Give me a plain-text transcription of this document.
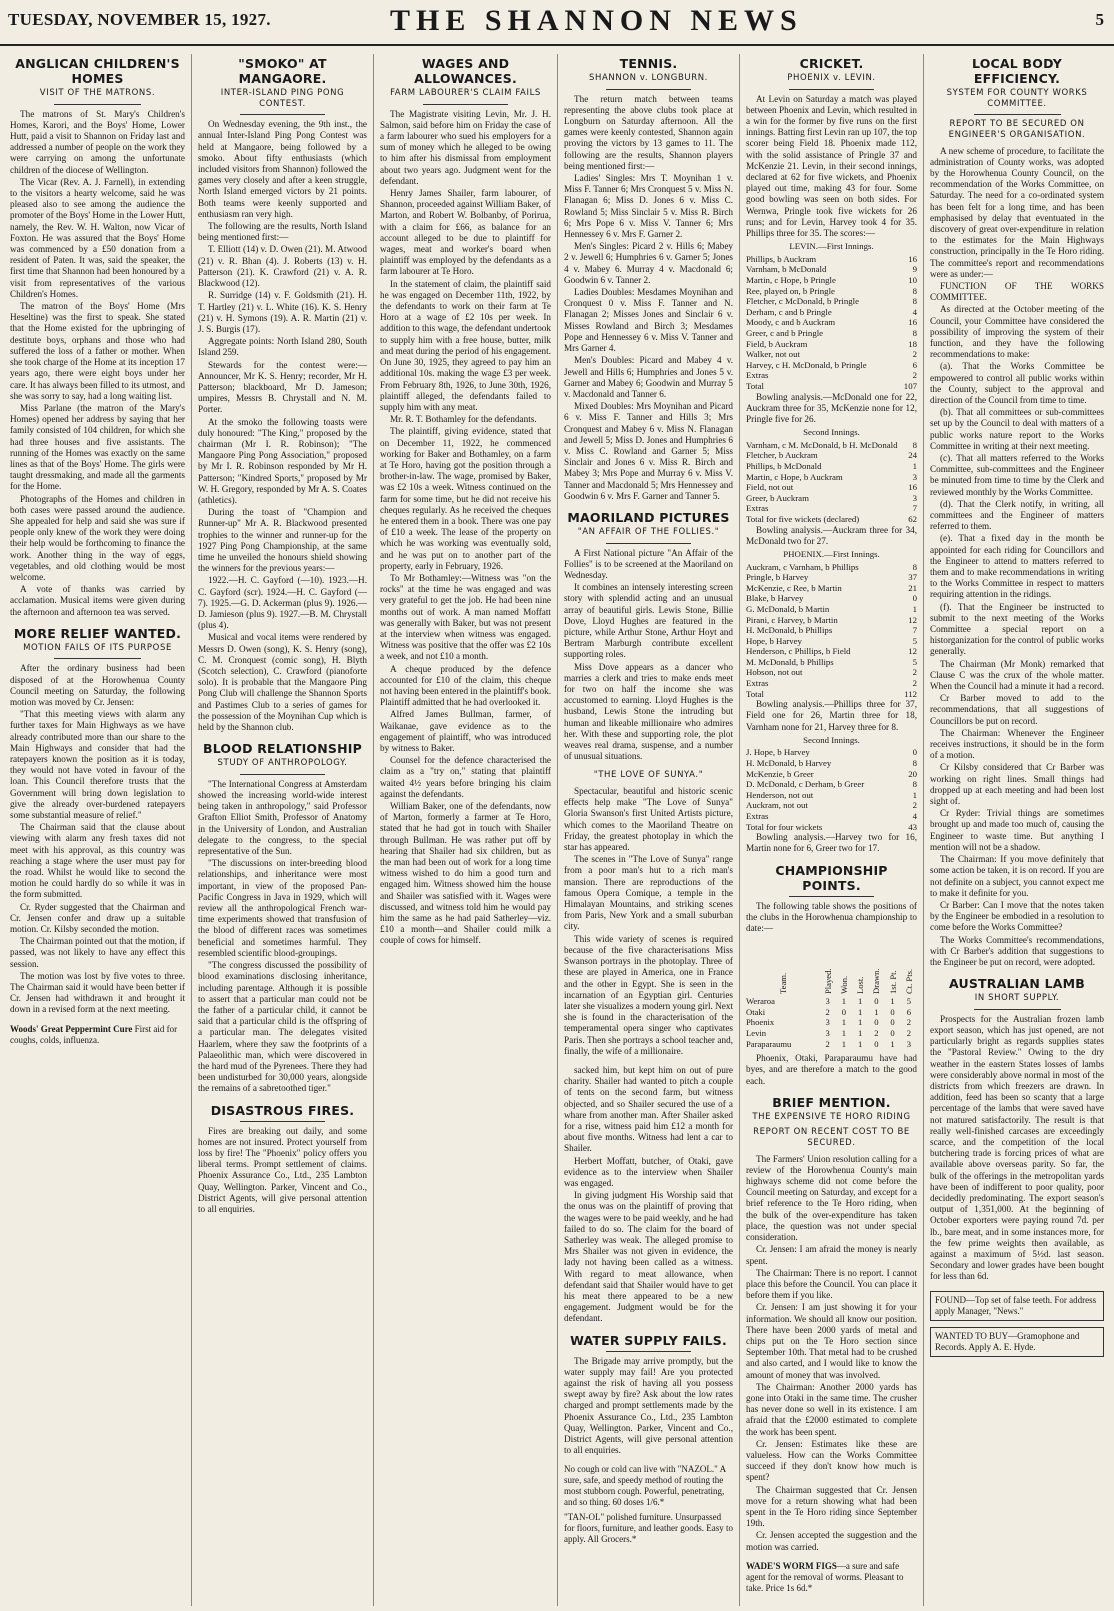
TUESDAY, NOVEMBER 15, 1927.	THE SHANNON NEWS	5
ANGLICAN CHILDREN'S HOMES
VISIT OF THE MATRONS.

The matrons of St. Mary's Children's Homes, Karori, and the Boys' Home, Lower Hutt, paid a visit to Shannon on Friday last and addressed a number of people on the work they were carrying on among the unfortunate children of the diocese of Wellington.

The Vicar (Rev. A. J. Farnell), in extending to the visitors a hearty welcome, said he was pleased also to see among the audience the promoter of the Boys' Home in the Lower Hutt, namely, the Rev. W. H. Walton, now Vicar of Foxton. He was assured that the Boys' Home was commenced by a £50 donation from a resident of Paten. It was, said the speaker, the first time that Shannon had been honoured by a visit from representatives of the various Children's Homes.

The matron of the Boys' Home (Mrs Heseltine) was the first to speak. She stated that the Home existed for the upbringing of destitute boys, orphans and those who had suffered the loss of a father or mother. When she took charge of the Home at its inception 17 years ago, there were eight boys under her care. It has always been filled to its utmost, and she was sorry to say, had a long waiting list.

Miss Parlane (the matron of the Mary's Homes) opened her address by saying that her family consisted of 104 children, for which she had three houses and five assistants. The running of the Homes was exactly on the same lines as that of the Boys' Home. The girls were taught dressmaking, and made all the garments for the Home.

Photographs of the Homes and children in both cases were passed around the audience. She appealed for help and said she was sure if people only knew of the work they were doing their help would be forthcoming to finance the work. Another thing in the way of eggs, vegetables, and old clothing would be most welcome.

A vote of thanks was carried by acclamation. Musical items were given during the afternoon and afternoon tea was served.

MORE RELIEF WANTED.
MOTION FAILS OF ITS PURPOSE

After the ordinary business had been disposed of at the Horowhenua County Council meeting on Saturday, the following motion was moved by Cr. Jensen:

"That this meeting views with alarm any further taxes for Main Highways as we have already contributed more than our share to the Main Highways and consider that had the ratepayers known the position as it is today, they would not have voted in favour of the loan. This Council therefore trusts that the Government will bring down legislation to give the already over-burdened ratepayers some substantial measure of relief."

The Chairman said that the clause about viewing with alarm any fresh taxes did not meet with his approval, as this country was reaching a stage where the user must pay for the road. Whilst he would like to second the motion he could hardly do so while it was in the form submitted.

Cr. Ryder suggested that the Chairman and Cr. Jensen confer and draw up a suitable motion. Cr. Kilsby seconded the motion.

The Chairman pointed out that the motion, if passed, was not likely to have any effect this session.

The motion was lost by five votes to three. The Chairman said it would have been better if Cr. Jensen had withdrawn it and brought it down in a revised form at the next meeting.

Woods' Great Peppermint Cure First aid for coughs, colds, influenza.
"SMOKO" AT MANGAORE.
INTER-ISLAND PING PONG CONTEST.

On Wednesday evening, the 9th inst., the annual Inter-Island Ping Pong Contest was held at Mangaore, being followed by a smoko. About fifty enthusiasts (which included visitors from Shannon) followed the games very closely and after a keen struggle, North Island emerged victors by 21 points. Both teams were keenly supported and enthusiasm ran very high.

The following are the results, North Island being mentioned first:—

T. Elliott (14) v. D. Owen (21). M. Atwood (21) v. R. Bhan (4). J. Roberts (13) v. H. Patterson (21). K. Crawford (21) v. A. R. Blackwood (12).

R. Surridge (14) v. F. Goldsmith (21). H. T. Hartley (21) v. L. White (16). K. S. Henry (21) v. H. Symons (19). A. R. Martin (21) v. J. S. Burgis (17).

Aggregate points: North Island 280, South Island 259.

Stewards for the contest were:—Announcer, Mr K. S. Henry; recorder, Mr H. Patterson; blackboard, Mr D. Jameson; umpires, Messrs B. Chrystall and N. M. Porter.

At the smoko the following toasts were duly honoured: "The King," proposed by the chairman (Mr I. R. Robinson); "The Mangaore Ping Pong Association," proposed by Mr I. R. Robinson responded by Mr H. Patterson; "Kindred Sports," proposed by Mr W. H. Gregory, responded by Mr A. S. Coates (athletics).

During the toast of "Champion and Runner-up" Mr A. R. Blackwood presented trophies to the winner and runner-up for the 1927 Ping Pong Championship, at the same time he unveiled the honours shield showing the winners for the previous years:—

1922.—H. C. Gayford (—10). 1923.—H. C. Gayford (scr). 1924.—H. C. Gayford (—7). 1925.—G. D. Ackerman (plus 9). 1926.—D. Jamieson (plus 9). 1927.—B. M. Chrystall (plus 4).

Musical and vocal items were rendered by Messrs D. Owen (song), K. S. Henry (song), C. M. Cronquest (comic song), H. Blyth (Scotch selection), C. Crawford (pianoforte solo). It is probable that the Mangaore Ping Pong Club will challenge the Shannon Sports and Pastimes Club to a series of games for the possession of the Moynihan Cup which is held by the Shannon club.

BLOOD RELATIONSHIP
STUDY OF ANTHROPOLOGY.

"The International Congress at Amsterdam showed the increasing world-wide interest being taken in anthropology," said Professor Grafton Elliot Smith, Professor of Anatomy in the University of London, and Australian delegate to the congress, to the special representative of the Sun.

"The discussions on inter-breeding blood relationships, and inheritance were most important, in view of the proposed Pan-Pacific Congress in Java in 1929, which will review all the anthropological French war-time experiments showed that transfusion of the blood of different races was sometimes beneficial and sometimes harmful. They resembled scientific blood-groupings.

"The congress discussed the possibility of blood examinations disclosing inheritance, including parentage. Although it is possible to assert that a particular man could not be the father of a particular child, it cannot be said that a particular child is the offspring of a particular man. The delegates visited Haarlem, where they saw the footprints of a Palaeolithic man, which were discovered in the hard mud of the Pyrenees. There they had been undisturbed for 30,000 years, alongside the remains of a sabretoothed tiger."

DISASTROUS FIRES.

Fires are breaking out daily, and some homes are not insured. Protect yourself from loss by fire! The "Phoenix" policy offers you liberal terms. Prompt settlement of claims. Phoenix Assurance Co., Ltd., 235 Lambton Quay, Wellington. Parker, Vincent and Co., District Agents, will give personal attention to all enquiries.

WAGES AND ALLOWANCES.
FARM LABOURER'S CLAIM FAILS

The Magistrate visiting Levin, Mr. J. H. Salmon, said before him on Friday the case of a farm labourer who sued his employers for a sum of money which he alleged to be owing to him after his dismissal from employment about two years ago. Judgment went for the defendant.

Henry James Shailer, farm labourer, of Shannon, proceeded against William Baker, of Marton, and Robert W. Bolbanby, of Porirua, with a claim for £66, as balance for an account alleged to be due to plaintiff for wages, meat and worker's board when plaintiff was employed by the defendants as a farm labourer at Te Horo.

In the statement of claim, the plaintiff said he was engaged on December 11th, 1922, by the defendants to work on their farm at Te Horo at a wage of £2 10s per week. In addition to this wage, the defendant undertook to supply him with a free house, butter, milk and meat during the period of his engagement. On June 30, 1925, they agreed to pay him an additional 10s. making the wage £3 per week. From February 8th, 1926, to June 30th, 1926, plaintiff alleged, the defendants failed to supply him with any meat.

Mr. R. T. Bothamley for the defendants.

The plaintiff, giving evidence, stated that on December 11, 1922, he commenced working for Baker and Bothamley, on a farm at Te Horo, having got the position through a brother-in-law. The wage, promised by Baker, was £2 10s a week. Witness continued on the farm for some time, but he did not receive his cheques regularly. As he received the cheques he entered them in a book. There was one pay of £10 a week. The lease of the property on which he was working was eventually sold, and he was put on to another part of the property, early in February, 1926.

To Mr Bothamley:—Witness was "on the rocks" at the time he was engaged and was very grateful to get the job. He had been nine months out of work. A man named Moffatt was generally with Baker, but was not present at the interview when witness was engaged. Witness was positive that the offer was £2 10s a week, and not £10 a month.

A cheque produced by the defence accounted for £10 of the claim, this cheque not having been entered in the plaintiff's book. Plaintiff admitted that he had overlooked it.

Alfred James Bullman, farmer, of Waikanae, gave evidence as to the engagement of plaintiff, who was introduced by witness to Baker.

Counsel for the defence characterised the claim as a "try on," stating that plaintiff waited 4½ years before bringing his claim against the defendants.

William Baker, one of the defendants, now of Marton, formerly a farmer at Te Horo, stated that he had got in touch with Shailer through Bullman. He was rather put off by hearing that Shailer had six children, but as the man had been out of work for a long time witness wished to do him a good turn and engaged him. Witness showed him the house and Shailer was satisfied with it. Wages were discussed, and witness told him he would pay him the same as he had paid Satherley—viz. £10 a month—and Shailer could milk a couple of cows for himself.

TENNIS.
SHANNON v. LONGBURN.

The return match between teams representing the above clubs took place at Longburn on Saturday afternoon. All the games were keenly contested, Shannon again proving the victors by 13 games to 11. The following are the results, Shannon players being mentioned first:—

Ladies' Singles: Mrs T. Moynihan 1 v. Miss F. Tanner 6; Mrs Cronquest 5 v. Miss N. Flanagan 6; Miss D. Jones 6 v. Miss C. Rowland 5; Miss Sinclair 5 v. Miss R. Birch 6; Mrs Pope 6 v. Miss V. Tanner 6; Mrs Hennessey 6 v. Mrs F. Garner 2.

Men's Singles: Picard 2 v. Hills 6; Mabey 2 v. Jewell 6; Humphries 6 v. Garner 5; Jones 4 v. Mabey 6. Murray 4 v. Macdonald 6; Goodwin 6 v. Tanner 2.

Ladies Doubles: Mesdames Moynihan and Cronquest 0 v. Miss F. Tanner and N. Flanagan 2; Misses Jones and Sinclair 6 v. Misses Rowland and Birch 3; Mesdames Pope and Hennessey 6 v. Miss V. Tanner and Mrs Garner 4.

Men's Doubles: Picard and Mabey 4 v. Jewell and Hills 6; Humphries and Jones 5 v. Garner and Mabey 6; Goodwin and Murray 5 v. Macdonald and Tanner 6.

Mixed Doubles: Mrs Moynihan and Picard 6 v. Miss F. Tanner and Hills 3; Mrs Cronquest and Mabey 6 v. Miss N. Flanagan and Jewell 5; Miss D. Jones and Humphries 6 v. Miss C. Rowland and Garner 5; Miss Sinclair and Jones 6 v. Miss R. Birch and Mabey 3; Mrs Pope and Murray 6 v. Miss V. Tanner and Macdonald 5; Mrs Hennessey and Goodwin 6 v. Mrs F. Garner and Tanner 5.

MAORILAND PICTURES
"AN AFFAIR OF THE FOLLIES."

A First National picture "An Affair of the Follies" is to be screened at the Maoriland on Wednesday.

It combines an intensely interesting screen story with splendid acting and an unusual array of beautiful girls. Lewis Stone, Billie Dove, Lloyd Hughes are featured in the picture, while Arthur Stone, Arthur Hoyt and Bertram Marburgh contribute excellent supporting roles.

Miss Dove appears as a dancer who marries a clerk and tries to make ends meet for two on half the income she was accustomed to earning. Lloyd Hughes is the husband, Lewis Stone the intruding but human and likeable millionaire who admires her. With these and supporting role, the plot weaves real drama, suspense, and a number of unusual situations.

"THE LOVE OF SUNYA."

Spectacular, beautiful and historic scenic effects help make "The Love of Sunya" Gloria Swanson's first United Artists picture, which comes to the Maoriland Theatre on Friday, the greatest photoplay in which the star has appeared.

The scenes in "The Love of Sunya" range from a poor man's hut to a rich man's mansion. There are reproductions of the famous Opera Comique, a temple in the Himalayan Mountains, and striking scenes from Paris, New York and a small suburban city.

This wide variety of scenes is required because of the five characterisations Miss Swanson portrays in the photoplay. Three of these are played in America, one in France and the other in Egypt. She is seen in the incarnation of an Egyptian girl. Centuries later she visualizes a modern young girl. Next she is found in the characterisation of the temperamental opera singer who captivates Paris. Then she portrays a school teacher and, finally, the wife of a millionaire.

sacked him, but kept him on out of pure charity. Shailer had wanted to pitch a couple of tents on the second farm, but witness objected, and so Shailer secured the use of a whare from another man. After Shailer asked for a rise, witness paid him £12 a month for about five months. Witness had lent a car to Shailer.

Herbert Moffatt, butcher, of Otaki, gave evidence as to the interview when Shailer was engaged.

In giving judgment His Worship said that the onus was on the plaintiff of proving that the wages were to be paid weekly, and he had failed to do so. The claim for the board of Satherley was weak. The alleged promise to Mrs Shailer was not given in evidence, the lady not having been called as a witness. With regard to meat allowance, when defendant said that Shailer would have to get his meat there appeared to be a new engagement. Judgment would be for the defendant.

WATER SUPPLY FAILS.

The Brigade may arrive promptly, but the water supply may fail! Are you protected against the risk of having all you possess swept away by fire? Ask about the low rates charged and prompt settlements made by the Phoenix Assurance Co., Ltd., 235 Lambton Quay, Wellington. Parker, Vincent and Co., District Agents, will give personal attention to all enquiries.

No cough or cold can live with "NAZOL." A sure, safe, and speedy method of routing the most stubborn cough. Powerful, penetrating, and so thing. 60 doses 1/6.*
"TAN-OL" polished furniture. Unsurpassed for floors, furniture, and leather goods. Easy to apply. All Grocers.*
CRICKET.
PHOENIX v. LEVIN.

At Levin on Saturday a match was played between Phoenix and Levin, which resulted in a win for the former by five runs on the first innings. Batting first Levin ran up 107, the top scorer being Field 18. Phoenix made 112, with the solid assistance of Pringle 37 and McKenzie 21. Levin, in their second innings, declared at 62 for five wickets, and Phoenix played out time, making 43 for four. Some good bowling was seen on both sides. For Wernwa, Pringle took five wickets for 26 runs; and for Levin, Harvey took 4 for 35. Phillips three for 35. The scores:—

LEVIN.—First Innings.
Phillips, b Auckram	16
Varnham, b McDonald	9
Martin, c Hope, b Pringle	10
Ree, played on, b Pringle	8
Fletcher, c McDonald, b Pringle	8
Derham, c and b Pringle	4
Moody, c and b Auckram	16
Greer, c and b Pringle	8
Field, b Auckram	18
Walker, not out	2
Harvey, c H. McDonald, b Pringle	6
Extras	2
Total	107

Bowling analysis.—McDonald one for 22, Auckram three for 35, McKenzie none for 12, Pringle five for 26.

Second Innings.
Varnham, c M. McDonald, b H. McDonald 8
Fletcher, b Auckram	24
Phillips, b McDonald	1
Martin, c Hope, b Auckram	3
Field, not out	16
Greer, b Auckram	3
Extras	7
Total for five wickets (declared)	62

Bowling analysis.—Auckram three for 34, McDonald two for 27.

PHOENIX.—First Innings.
Auckram, c Varnham, b Phillips	8
Pringle, b Harvey	37
McKenzie, c Ree, b Martin	21
Blake, b Harvey	0
G. McDonald, b Martin	1
Pirani, c Harvey, b Martin	12
H. McDonald, b Phillips	7
Hope, b Harvey	5
Henderson, c Phillips, b Field	12
M. McDonald, b Phillips	5
Hobson, not out	2
Extras	2
Total	112

Bowling analysis.—Phillips three for 37, Field one for 26, Martin three for 18, Varnham none for 21, Harvey three for 8.

Second Innings.
J. Hope, b Harvey	0
H. McDonald, b Harvey	8
McKenzie, b Greer	20
D. McDonald, c Derham, b Greer	8
Henderson, not out	1
Auckram, not out	2
Extras	4
Total for four wickets	43

Bowling analysis.—Harvey two for 16, Martin none for 6, Greer two for 17.

CHAMPIONSHIP POINTS.

The following table shows the positions of the clubs in the Horowhenua championship to date:—

Team.	Played.	Won.	Lost.	Drawn.	1st. Pt.	Ct. Pts.
Weraroa	3	1	1	0	1	5
Otaki	2	0	1	1	0	6
Phoenix	3	1	1	0	0	2
Levin	3	1	1	2	0	2
Paraparaumu	2	1	1	0	1	3

Phoenix, Otaki, Paraparaumu have had byes, and are therefore a match to the good each.

BRIEF MENTION.
THE EXPENSIVE TE HORO RIDING
REPORT ON RECENT COST TO BE SECURED.

The Farmers' Union resolution calling for a review of the Horowhenua County's main highways scheme did not come before the Council meeting on Saturday, and except for a brief reference to the Te Horo riding, when the bulk of the over-expenditure has taken place, the question was not under special consideration.

Cr. Jensen: I am afraid the money is nearly spent.

The Chairman: There is no report. I cannot place this before the Council. You can place it before them if you like.

Cr. Jensen: I am just showing it for your information. We should all know our position. There have been 2000 yards of metal and chips put on the Te Horo section since September 10th. That metal had to be crushed and also carted, and I would like to know the amount of money that was involved.

The Chairman: Another 2000 yards has gone into Otaki in the same time. The crusher has never done so well in its existence. I am afraid that the £2000 estimated to complete the work has been spent.

Cr. Jensen: Estimates like these are valueless. How can the Works Committee succeed if they don't know how much is spent?

The Chairman suggested that Cr. Jensen move for a return showing what had been spent in the Te Horo riding since September 19th.

Cr. Jensen accepted the suggestion and the motion was carried.

WADE'S WORM FIGS—a sure and safe agent for the removal of worms. Pleasant to take. Price 1s 6d.*
LOCAL BODY EFFICIENCY.
SYSTEM FOR COUNTY WORKS COMMITTEE.
REPORT TO BE SECURED ON ENGINEER'S ORGANISATION.

A new scheme of procedure, to facilitate the administration of County works, was adopted by the Horowhenua County Council, on the recommendation of the Works Committee, on Saturday. The need for a co-ordinated system has been felt for a long time, and has been emphasised by delay that eventuated in the discovery of great over-expenditure in relation to the estimates for the Main Highways construction, principally in the Te Horo riding. The committee's report and recommendations were as under:—

FUNCTION OF THE WORKS COMMITTEE.

As directed at the October meeting of the Council, your Committee have considered the possibility of improving the system of their function, and they have the following recommendations to make:

(a). That the Works Committee be empowered to control all public works within the County, subject to the approval and direction of the Council from time to time.

(b). That all committees or sub-committees set up by the Council to deal with matters of a public works nature report to the Works Committee in writing at their next meeting.

(c). That all matters referred to the Works Committee, sub-committees and the Engineer be minuted from time to time by the Clerk and reviewed monthly by the Works Committee.

(d). That the Clerk notify, in writing, all committees and the Engineer of matters referred to them.

(e). That a fixed day in the month be appointed for each riding for Councillors and the Engineer to attend to matters referred to them and to make recommendations in writing to the Works Committee in respect to matters requiring attention in the ridings.

(f). That the Engineer be instructed to submit to the next meeting of the Works Committee a special report on a historganization for the control of public works generally.

The Chairman (Mr Monk) remarked that Clause C was the crux of the whole matter. When the Council had a minute it had a record.

Cr Barber moved to add to the recommendations, that all suggestions of Councillors be put on record.

The Chairman: Whenever the Engineer receives instructions, it should be in the form of a motion.

Cr Kilsby considered that Cr Barber was working on right lines. Small things had dropped up at each meeting and had been lost sight of.

Cr Ryder: Trivial things are sometimes brought up and made too much of, causing the Engineer to waste time. But anything I mention will not be a shadow.

The Chairman: If you move definitely that some action be taken, it is on record. If you are not definite on a subject, you cannot expect me to make it definite for you.

Cr Barber: Can I move that the notes taken by the Engineer be embodied in a resolution to come before the Works Committee?

The Works Committee's recommendations, with Cr Barber's addition that suggestions to the Engineer be put on record, were adopted.

AUSTRALIAN LAMB
IN SHORT SUPPLY.

Prospects for the Australian frozen lamb export season, which has just opened, are not particularly bright as regards supplies states the "Pastoral Review." Owing to the dry weather in the eastern States losses of lambs were considerably above normal in most of the districts from which freezers are drawn. In addition, feed has been so scanty that a large percentage of the lambs that were saved have not matured satisfactorily. The result is that really well-finished carcases are exceedingly scarce, and the competition of the local butchering trade is forcing prices of what are available above overseas parity. So far, the bulk of the offerings in the metropolitan yards have been of indifferent to poor quality, poor decidedly predominating. The export season's output of 1,351,000. At the beginning of October exporters were paying round 7d. per lb., bare meat, and in some instances more, for the few prime weights then available, as against a maximum of 5½d. last season. Secondary and lower grades have been bought for less than 6d.

FOUND—Top set of false teeth. For address apply Manager, "News."
WANTED TO BUY—Gramophone and Records. Apply A. E. Hyde.
